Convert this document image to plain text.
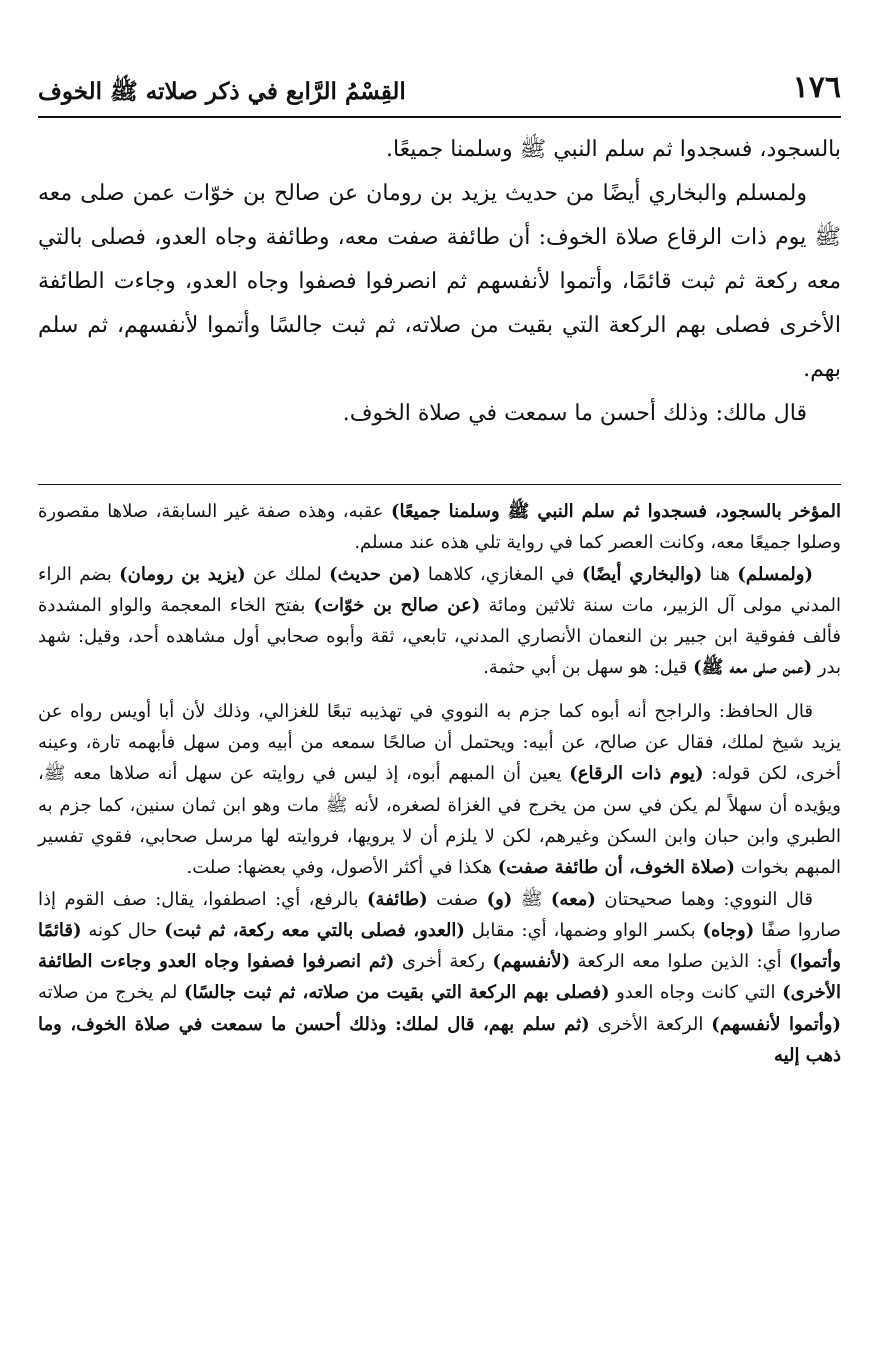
١٧٦
القِسْمُ الرَّابع في ذكر صلاته ﷺ الخوف

بالسجود، فسجدوا ثم سلم النبي ﷺ وسلمنا جميعًا.

ولمسلم والبخاري أيضًا من حديث يزيد بن رومان عن صالح بن خوّات عمن صلى معه ﷺ يوم ذات الرقاع صلاة الخوف: أن طائفة صفت معه، وطائفة وجاه العدو، فصلى بالتي معه ركعة ثم ثبت قائمًا، وأتموا لأنفسهم ثم انصرفوا فصفوا وجاه العدو، وجاءت الطائفة الأخرى فصلى بهم الركعة التي بقيت من صلاته، ثم ثبت جالسًا وأتموا لأنفسهم، ثم سلم بهم.

قال مالك: وذلك أحسن ما سمعت في صلاة الخوف.

المؤخر بالسجود، فسجدوا ثم سلم النبي ﷺ وسلمنا جميعًا) عقبه، وهذه صفة غير السابقة، صلاها مقصورة وصلوا جميعًا معه، وكانت العصر كما في رواية تلي هذه عند مسلم.

(ولمسلم) هنا (والبخاري أيضًا) في المغازي، كلاهما (من حديث) لملك عن (يزيد بن رومان) بضم الراء المدني مولى آل الزبير، مات سنة ثلاثين ومائة (عن صالح بن خوّات) بفتح الخاء المعجمة والواو المشددة فألف ففوقية ابن جبير بن النعمان الأنصاري المدني، تابعي، ثقة وأبوه صحابي أول مشاهده أحد، وقيل: شهد بدر (عمن صلى معه ﷺ) قيل: هو سهل بن أبي حثمة.

قال الحافظ: والراجح أنه أبوه كما جزم به النووي في تهذيبه تبعًا للغزالي، وذلك لأن أبا أويس رواه عن يزيد شيخ لملك، فقال عن صالح، عن أبيه: ويحتمل أن صالحًا سمعه من أبيه ومن سهل فأبهمه تارة، وعينه أخرى، لكن قوله: (يوم ذات الرقاع) يعين أن المبهم أبوه، إذ ليس في روايته عن سهل أنه صلاها معه ﷺ، ويؤيده أن سهلاً لم يكن في سن من يخرج في الغزاة لصغره، لأنه ﷺ مات وهو ابن ثمان سنين، كما جزم به الطبري وابن حبان وابن السكن وغيرهم، لكن لا يلزم أن لا يرويها، فروايته لها مرسل صحابي، فقوي تفسير المبهم بخوات (صلاة الخوف، أن طائفة صفت) هكذا في أكثر الأصول، وفي بعضها: صلت.

قال النووي: وهما صحيحتان (معه) ﷺ (و) صفت (طائفة) بالرفع، أي: اصطفوا، يقال: صف القوم إذا صاروا صفًا (وجاه) بكسر الواو وضمها، أي: مقابل (العدو، فصلى بالتي معه ركعة، ثم ثبت) حال كونه (قائمًا وأتموا) أي: الذين صلوا معه الركعة (لأنفسهم) ركعة أخرى (ثم انصرفوا فصفوا وجاه العدو وجاءت الطائفة الأخرى) التي كانت وجاه العدو (فصلى بهم الركعة التي بقيت من صلاته، ثم ثبت جالسًا) لم يخرج من صلاته (وأتموا لأنفسهم) الركعة الأخرى (ثم سلم بهم، قال لملك: وذلك أحسن ما سمعت في صلاة الخوف، وما ذهب إليه
